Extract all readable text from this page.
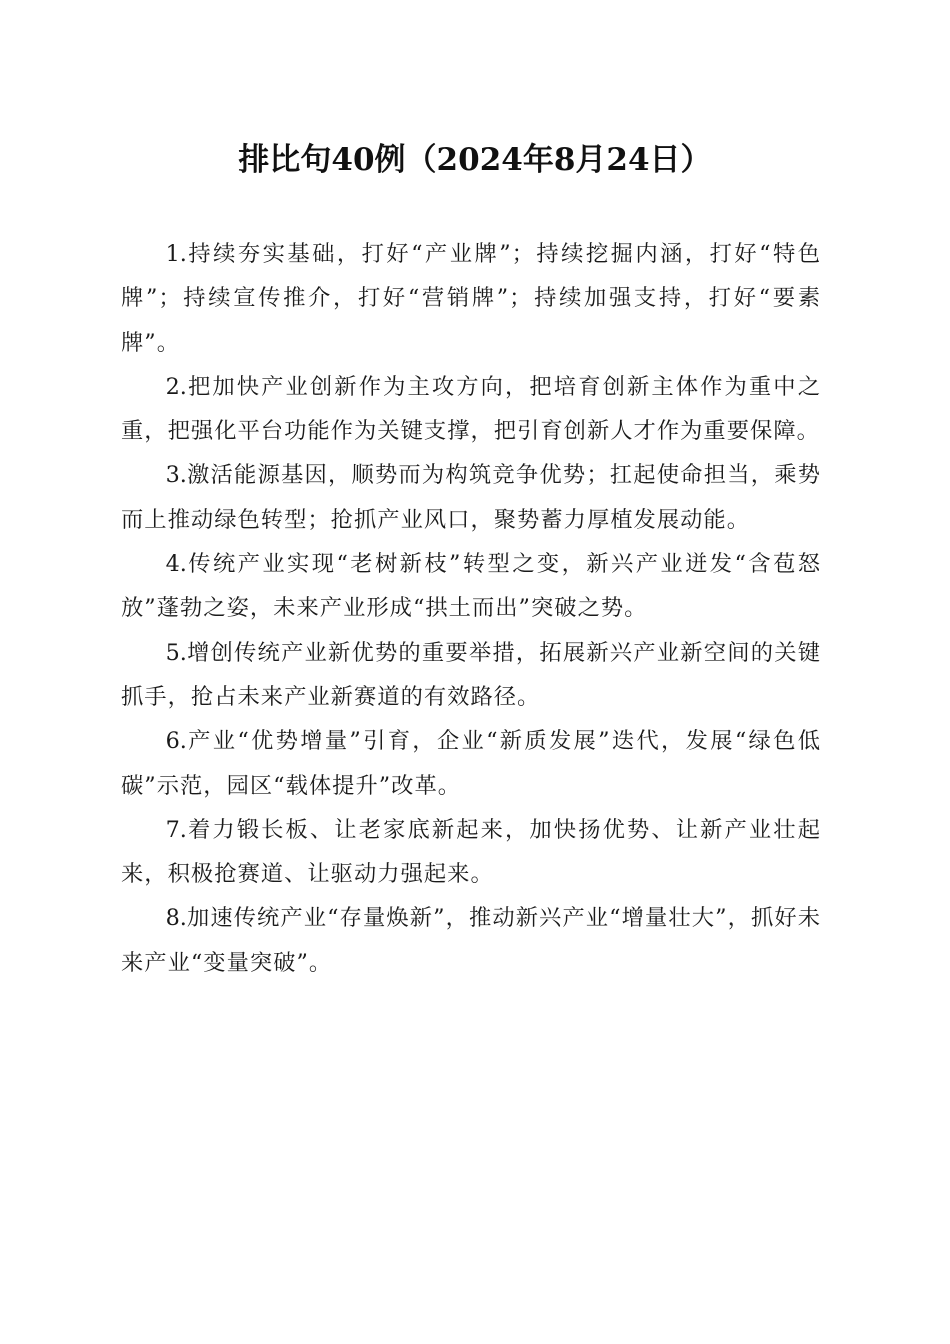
排比句40例（2024年8月24日）

1.持续夯实基础，打好“产业牌”；持续挖掘内涵，打好“特色牌”；持续宣传推介，打好“营销牌”；持续加强支持，打好“要素牌”。

2.把加快产业创新作为主攻方向，把培育创新主体作为重中之重，把强化平台功能作为关键支撑，把引育创新人才作为重要保障。

3.激活能源基因，顺势而为构筑竞争优势；扛起使命担当，乘势而上推动绿色转型；抢抓产业风口，聚势蓄力厚植发展动能。

4.传统产业实现“老树新枝”转型之变，新兴产业迸发“含苞怒放”蓬勃之姿，未来产业形成“拱土而出”突破之势。

5.增创传统产业新优势的重要举措，拓展新兴产业新空间的关键抓手，抢占未来产业新赛道的有效路径。

6.产业“优势增量”引育，企业“新质发展”迭代，发展“绿色低碳”示范，园区“载体提升”改革。

7.着力锻长板、让老家底新起来，加快扬优势、让新产业壮起来，积极抢赛道、让驱动力强起来。

8.加速传统产业“存量焕新”，推动新兴产业“增量壮大”，抓好未来产业“变量突破”。
